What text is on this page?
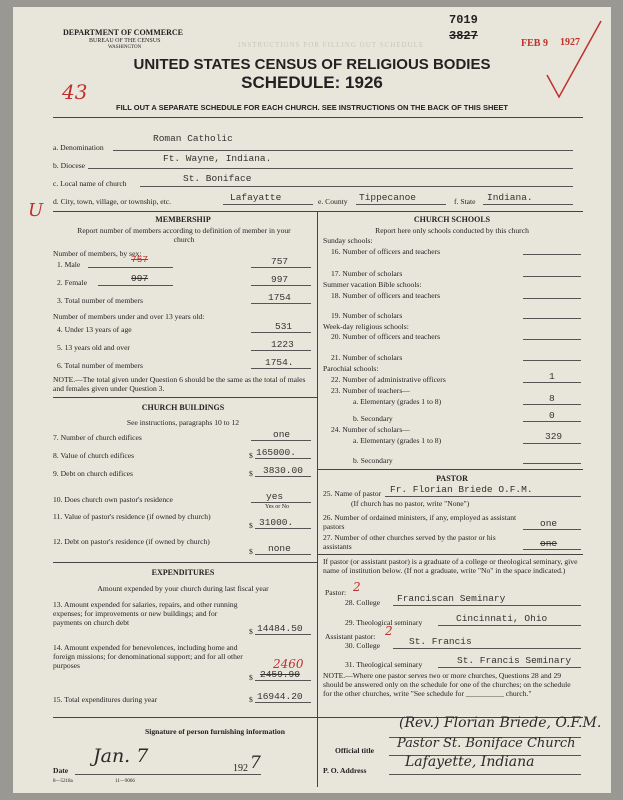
DEPARTMENT OF COMMERCE
BUREAU OF THE CENSUS
WASHINGTON	INSTRUCTIONS FOR FILLING OUT SCHEDULE
7019
3827
FEB 9 1927
43
U
UNITED STATES CENSUS OF RELIGIOUS BODIES
SCHEDULE: 1926
FILL OUT A SEPARATE SCHEDULE FOR EACH CHURCH. SEE INSTRUCTIONS ON THE BACK OF THIS SHEET
a. Denomination
Roman Catholic
b. Diocese
Ft. Wayne, Indiana.
c. Local name of church	St. Boniface
d. City, town, village, or township, etc.	Lafayatte	e. County Tippecanoe	f. State Indiana.
MEMBERSHIP
Report number of members according to definition of member in your church
Number of members, by sex:
1. Male	757	757
2. Female	997	997
3. Total number of members	1754
Number of members under and over 13 years old:
4. Under 13 years of age	531
5. 13 years old and over	1223
6. Total number of members	1754.
NOTE.—The total given under Question 6 should be the same as the total of males and females given under Question 3.
CHURCH BUILDINGS
See instructions, paragraphs 10 to 12
7. Number of church edifices	one
8. Value of church edifices	$ 165000.
9. Debt on church edifices	$ 3830.00
10. Does church own pastor's residence	yes
Yes or No
11. Value of pastor's residence (if owned by church)
$ 31000.
12. Debt on pastor's residence (if owned by church)
$ none
EXPENDITURES
Amount expended by your church during last fiscal year
13. Amount expended for salaries, repairs, and other running expenses; for improvements or new buildings; and for payments on church debt
$ 14484.50
14. Amount expended for benevolences, including home and foreign missions; for denominational support; and for all other purposes	2460
$ 2459.90
15. Total expenditures during year	$ 16944.20
CHURCH SCHOOLS
Report here only schools conducted by this church
Sunday schools:
16. Number of officers and teachers
17. Number of scholars
Summer vacation Bible schools:
18. Number of officers and teachers
19. Number of scholars
Week-day religious schools:
20. Number of officers and teachers
21. Number of scholars
Parochial schools:
22. Number of administrative officers	1
23. Number of teachers—
a. Elementary (grades 1 to 8)	8
b. Secondary	0
24. Number of scholars—
a. Elementary (grades 1 to 8)	329
b. Secondary
PASTOR
25. Name of pastor Fr. Florian Briede O.F.M.
(If church has no pastor, write "None")
26. Number of ordained ministers, if any, employed as assistant pastors	one
27. Number of other churches served by the pastor or his assistants	one
If pastor (or assistant pastor) is a graduate of a college or theological seminary, give name of institution below. (If not a graduate, write "No" in the space indicated.)
Pastor: 2
28. College Franciscan Seminary
29. Theological seminary	Cincinnati, Ohio
Assistant pastor: 2
30. College	St. Francis
31. Theological seminary	St. Francis Seminary
NOTE.—Where one pastor serves two or more churches, Questions 28 and 29 should be answered only on the schedule for one of the churches; on the schedule for the other churches, write "See schedule for __________ church."
Signature of person furnishing information
(Rev.) Florian Briede, O.F.M.
Official title Pastor St. Boniface Church
Date
Jan. 7
192 7	P. O. Address
Lafayette, Indiana
8—5218a	11—9066
